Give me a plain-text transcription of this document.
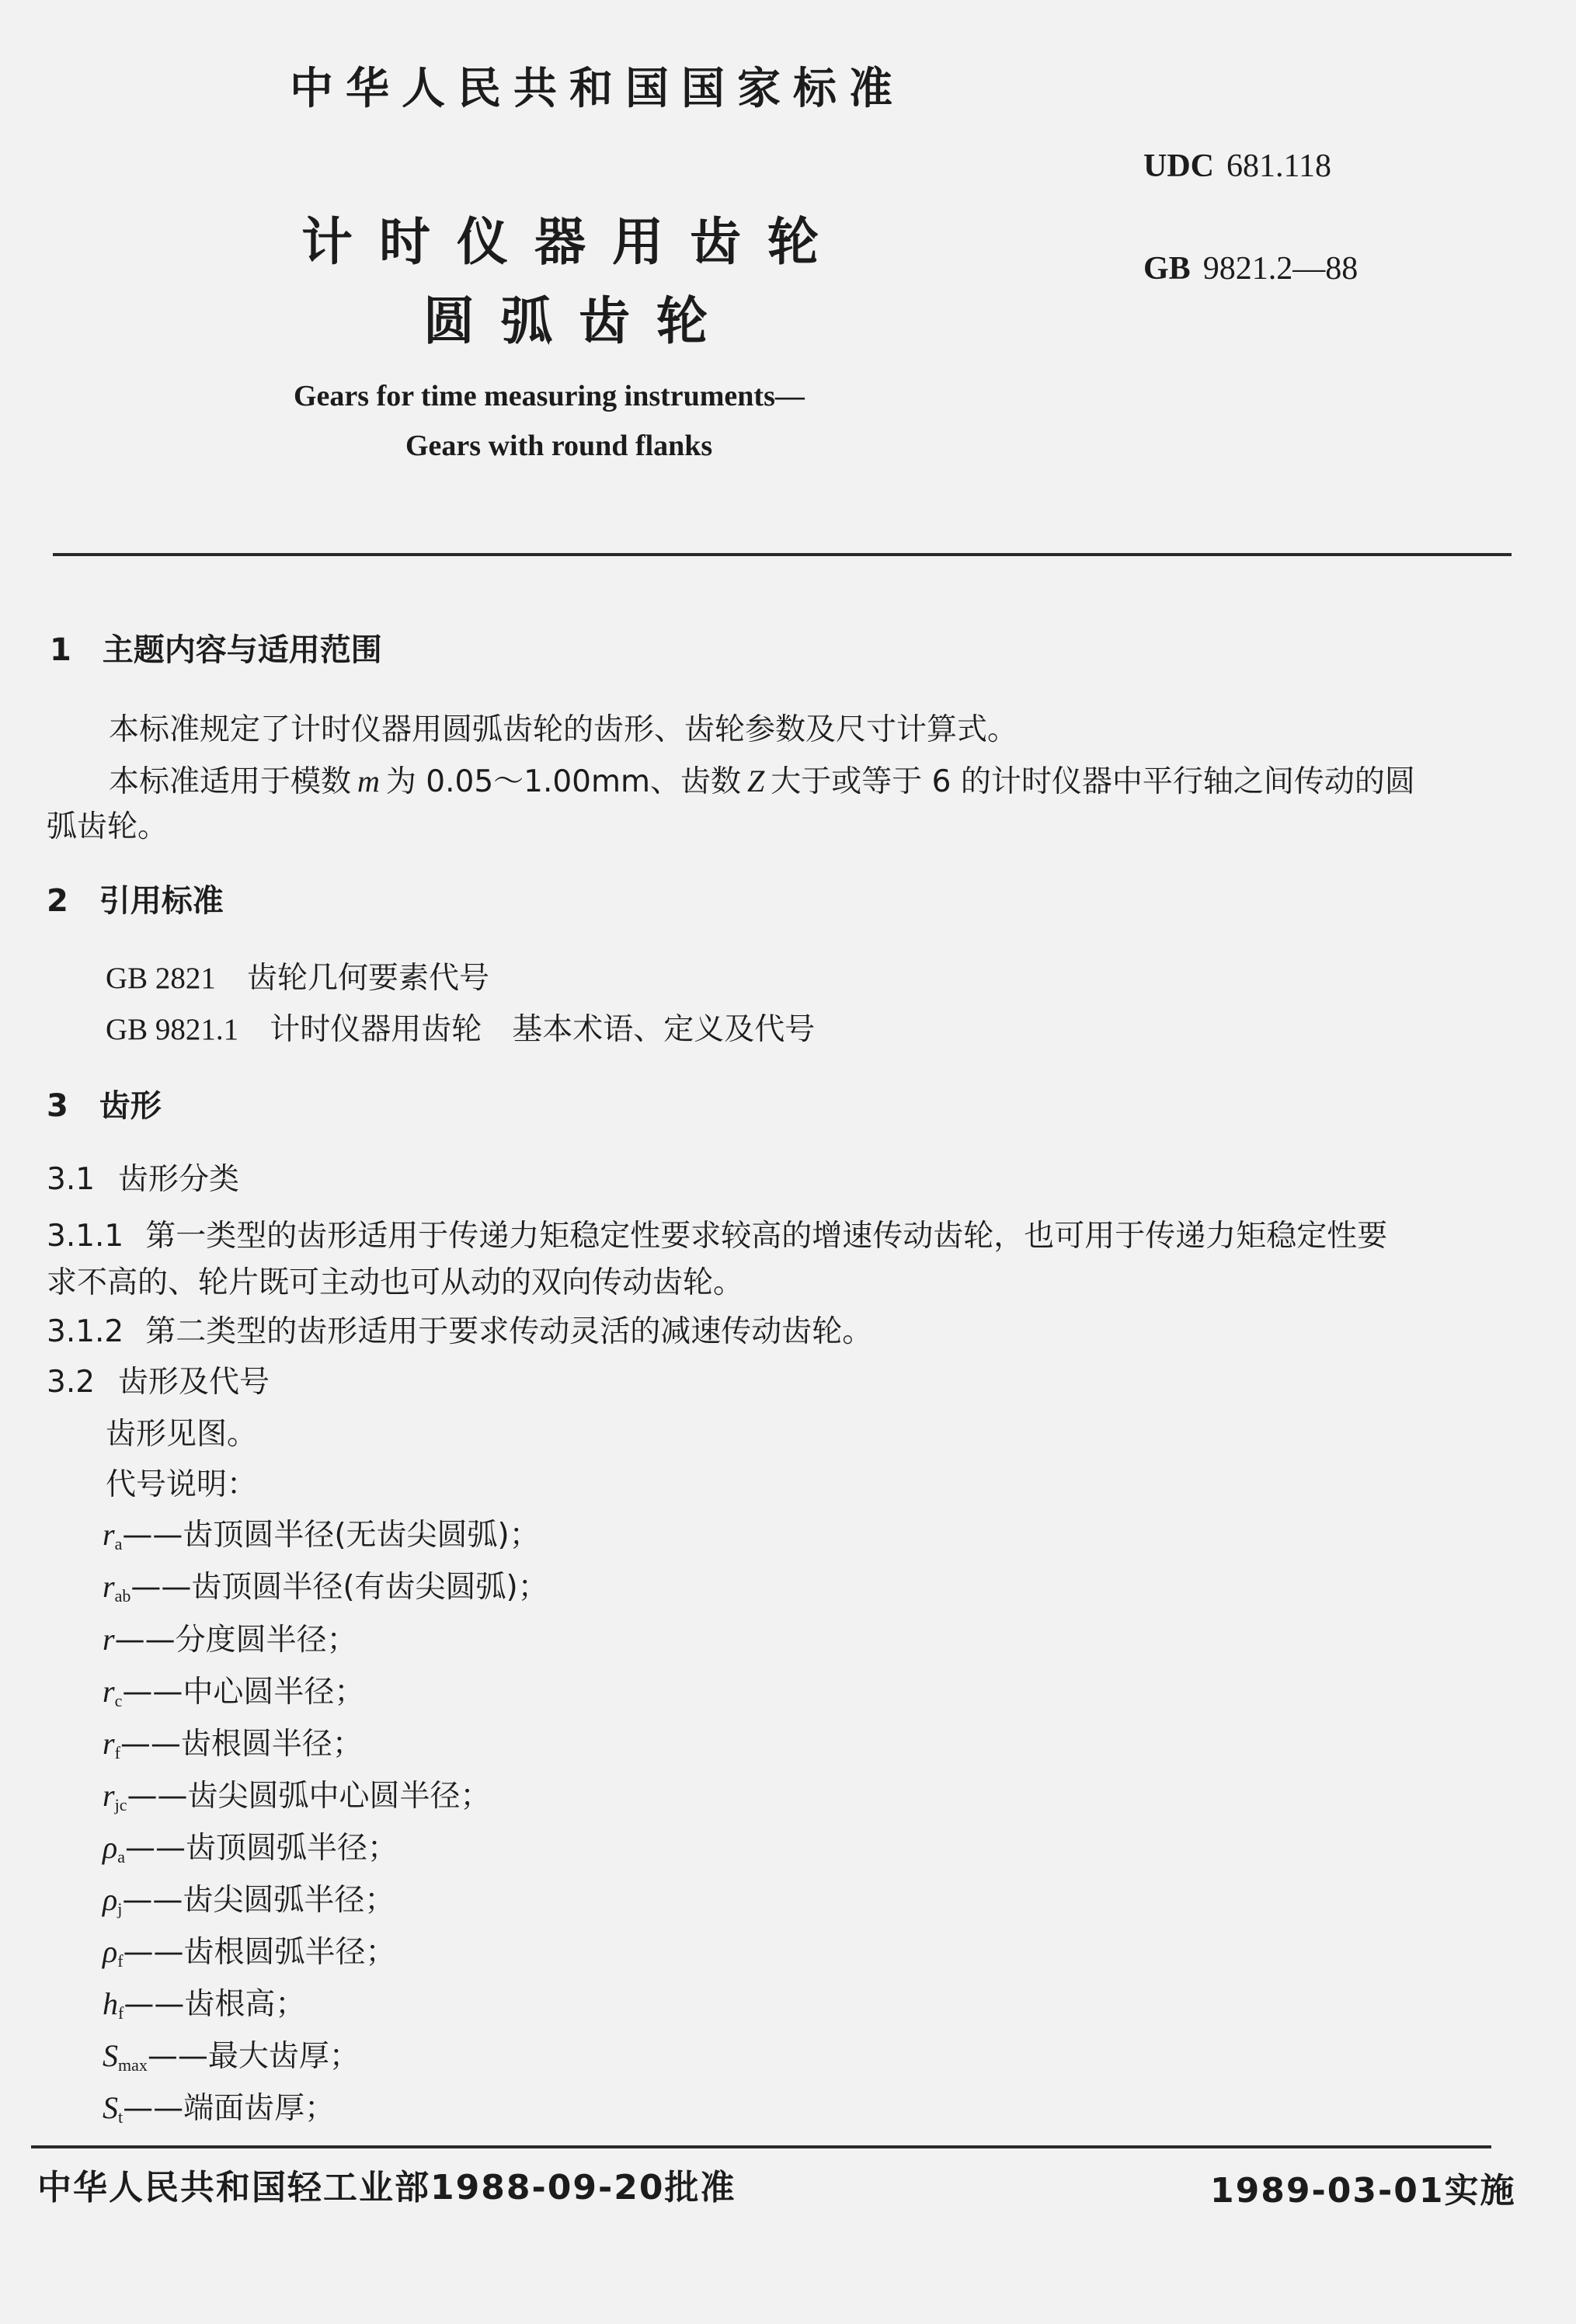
中华人民共和国国家标准
UDC 681.118
GB 9821.2—88
计时仪器用齿轮
圆弧齿轮
Gears for time measuring instruments—
Gears with round flanks
1 主题内容与适用范围
本标准规定了计时仪器用圆弧齿轮的齿形、齿轮参数及尺寸计算式。
本标准适用于模数 m 为 0.05～1.00mm、齿数 Z 大于或等于 6 的计时仪器中平行轴之间传动的圆
弧齿轮。
2 引用标准
GB 2821 齿轮几何要素代号
GB 9821.1 计时仪器用齿轮　基本术语、定义及代号
3 齿形
3.1 齿形分类
3.1.1 第一类型的齿形适用于传递力矩稳定性要求较高的增速传动齿轮，也可用于传递力矩稳定性要
求不高的、轮片既可主动也可从动的双向传动齿轮。
3.1.2 第二类型的齿形适用于要求传动灵活的减速传动齿轮。
3.2 齿形及代号
齿形见图。
代号说明：
$r_a——$齿顶圆半径(无齿尖圆弧)；
$r_{ab}——$齿顶圆半径(有齿尖圆弧)；
r——分度圆半径；
$r_c——$中心圆半径；
$r_f——$齿根圆半径；
$r_{jc}——$齿尖圆弧中心圆半径；
$\rho_a——$齿顶圆弧半径；
$\rho_j——$齿尖圆弧半径；
$\rho_f——$齿根圆弧半径；
$h_f——$齿根高；
$S_{max}——$最大齿厚；
$S_t——$端面齿厚；
中华人民共和国轻工业部1988-09-20批准	1989-03-01实施
